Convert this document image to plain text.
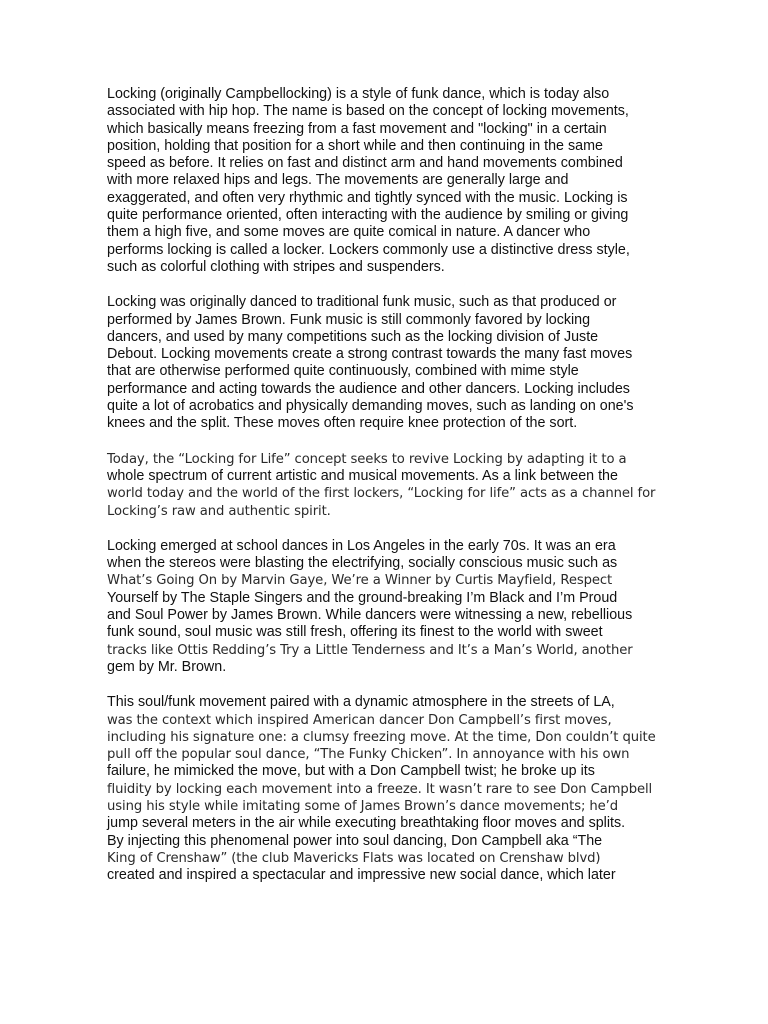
Locking (originally Campbellocking) is a style of funk dance, which is today also
associated with hip hop. The name is based on the concept of locking movements,
which basically means freezing from a fast movement and "locking" in a certain
position, holding that position for a short while and then continuing in the same
speed as before. It relies on fast and distinct arm and hand movements combined
with more relaxed hips and legs. The movements are generally large and
exaggerated, and often very rhythmic and tightly synced with the music. Locking is
quite performance oriented, often interacting with the audience by smiling or giving
them a high five, and some moves are quite comical in nature. A dancer who
performs locking is called a locker. Lockers commonly use a distinctive dress style,
such as colorful clothing with stripes and suspenders.
Locking was originally danced to traditional funk music, such as that produced or
performed by James Brown. Funk music is still commonly favored by locking
dancers, and used by many competitions such as the locking division of Juste
Debout. Locking movements create a strong contrast towards the many fast moves
that are otherwise performed quite continuously, combined with mime style
performance and acting towards the audience and other dancers. Locking includes
quite a lot of acrobatics and physically demanding moves, such as landing on one's
knees and the split. These moves often require knee protection of the sort.
Today, the “Locking for Life” concept seeks to revive Locking by adapting it to a
whole spectrum of current artistic and musical movements. As a link between the
world today and the world of the first lockers, “Locking for life” acts as a channel for
Locking’s raw and authentic spirit.
Locking emerged at school dances in Los Angeles in the early 70s. It was an era
when the stereos were blasting the electrifying, socially conscious music such as
What’s Going On by Marvin Gaye, We’re a Winner by Curtis Mayfield, Respect
Yourself by The Staple Singers and the ground-breaking I’m Black and I’m Proud
and Soul Power by James Brown. While dancers were witnessing a new, rebellious
funk sound, soul music was still fresh, offering its finest to the world with sweet
tracks like Ottis Redding’s Try a Little Tenderness and It’s a Man’s World, another
gem by Mr. Brown.
This soul/funk movement paired with a dynamic atmosphere in the streets of LA,
was the context which inspired American dancer Don Campbell’s first moves,
including his signature one: a clumsy freezing move. At the time, Don couldn’t quite
pull off the popular soul dance, “The Funky Chicken”. In annoyance with his own
failure, he mimicked the move, but with a Don Campbell twist; he broke up its
fluidity by locking each movement into a freeze. It wasn’t rare to see Don Campbell
using his style while imitating some of James Brown’s dance movements; he’d
jump several meters in the air while executing breathtaking floor moves and splits.
By injecting this phenomenal power into soul dancing, Don Campbell aka “The
King of Crenshaw” (the club Mavericks Flats was located on Crenshaw blvd)
created and inspired a spectacular and impressive new social dance, which later
